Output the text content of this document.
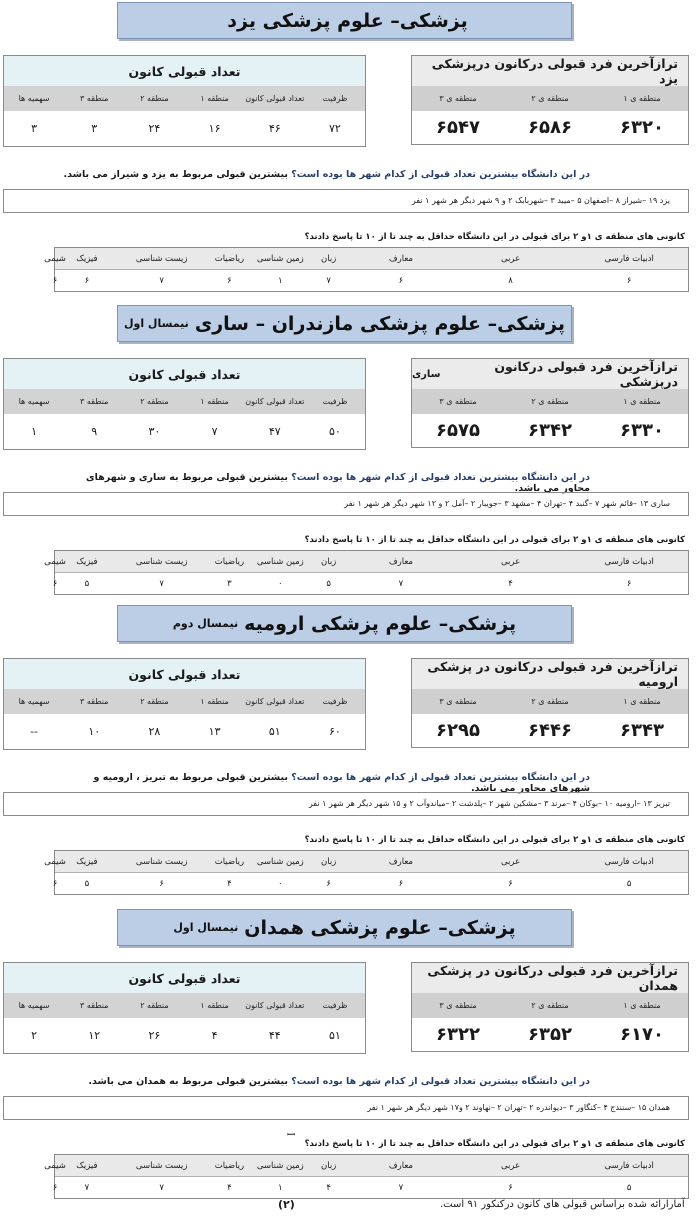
پزشکی– علوم پزشکی یزد
ترازآخرین فرد قبولی درکانون درپزشکی یزد

منطقه ی ۱
منطقه ی ۲
منطقه ی ۳
۶۳۲۰
۶۵۸۶
۶۵۴۷
تعداد قبولی کانون
ظرفیت
تعداد قبولی کانون
منطقه ۱
منطقه ۲
منطقه ۳
سهمیه ها
۷۲
۴۶
۱۶
۲۴
۳
۳
در این دانشگاه بیشترین تعداد قبولی از کدام شهر ها بوده است؟ بیشترین قبولی مربوط به یزد و شیراز می باشد.
یزد ۱۹ –شیراز ۸ –اصفهان ۵ –میبد ۳ –شهربابک ۲ و ۹ شهر دیگر هر شهر ۱ نفر
کانونی های منطقه ی ۱و ۲ برای قبولی در این دانشگاه حداقل به چند تا از ۱۰ تا پاسخ دادند؟
ادبیات فارسی
عربی
معارف
زبان
زمین شناسی
ریاضیات
زیست شناسی
فیزیک
شیمی
۶
۸
۶
۷
۱
۶
۷
۶
۶
پزشکی– علوم پزشکی مازندران – ساری
نیمسال اول
ترازآخرین فرد قبولی درکانون درپزشکی

ساری
منطقه ی ۱
منطقه ی ۲
منطقه ی ۳
۶۳۳۰
۶۳۴۲
۶۵۷۵
تعداد قبولی کانون
ظرفیت
تعداد قبولی کانون
منطقه ۱
منطقه ۲
منطقه ۳
سهمیه ها
۵۰
۴۷
۷
۳۰
۹
۱
در این دانشگاه بیشترین تعداد قبولی از کدام شهر ها بوده است؟ بیشترین قبولی مربوط به ساری و شهرهای مجاور می باشد.
ساری ۱۳ –قائم شهر ۷ –گنبد ۴ –تهران ۴ –مشهد ۳ –جویبار ۲ –آمل ۲ و ۱۲ شهر دیگر هر شهر ۱ نفر
کانونی های منطقه ی ۱و ۲ برای قبولی در این دانشگاه حداقل به چند تا از ۱۰ تا پاسخ دادند؟
ادبیات فارسی
عربی
معارف
زبان
زمین شناسی
ریاضیات
زیست شناسی
فیزیک
شیمی
۶
۴
۷
۵
۰
۳
۷
۵
۶
پزشکی– علوم پزشکی ارومیه
نیمسال دوم
ترازآخرین فرد قبولی درکانون در پزشکی ارومیه

منطقه ی ۱
منطقه ی ۲
منطقه ی ۳
۶۳۴۳
۶۴۴۶
۶۲۹۵
تعداد قبولی کانون
ظرفیت
تعداد قبولی کانون
منطقه ۱
منطقه ۲
منطقه ۳
سهمیه ها
۶۰
۵۱
۱۳
۲۸
۱۰
--
در این دانشگاه بیشترین تعداد قبولی از کدام شهر ها بوده است؟ بیشترین قبولی مربوط به تبریز ، ارومیه و شهرهای مجاور می باشد.
تبریز ۱۳ –ارومیه ۱۰ –بوکان ۴ –مرند ۳ –مشکین شهر ۲ –پلدشت ۲ –میاندوآب ۲ و ۱۵ شهر دیگر هر شهر ۱ نفر
کانونی های منطقه ی ۱و ۲ برای قبولی در این دانشگاه حداقل به چند تا از ۱۰ تا پاسخ دادند؟
ادبیات فارسی
عربی
معارف
زبان
زمین شناسی
ریاضیات
زیست شناسی
فیزیک
شیمی
۵
۶
۶
۶
۰
۴
۶
۵
۶
پزشکی– علوم پزشکی همدان
نیمسال اول
ترازآخرین فرد قبولی درکانون در پزشکی همدان

منطقه ی ۱
منطقه ی ۲
منطقه ی ۳
۶۱۷۰
۶۳۵۲
۶۳۲۲
تعداد قبولی کانون
ظرفیت
تعداد قبولی کانون
منطقه ۱
منطقه ۲
منطقه ۳
سهمیه ها
۵۱
۴۴
۴
۲۶
۱۲
۲
در این دانشگاه بیشترین تعداد قبولی از کدام شهر ها بوده است؟ بیشترین قبولی مربوط به همدان می باشد.
همدان ۱۵ –سنندج ۴ –کنگاور ۳ –دیواندره ۲ –تهران ۲ –نهاوند ۲ و۱۷ شهر دیگر هر شهر ۱ نفر
کانونی های منطقه ی ۱و ۲ برای قبولی در این دانشگاه حداقل به چند تا از ۱۰ تا پاسخ دادند؟
ادبیات فارسی
عربی
معارف
زبان
زمین شناسی
ریاضیات
زیست شناسی
فیزیک
شیمی
۵
۶
۷
۴
۱
۴
۷
۷
۶
ꟷ
آمارارائه شده براساس قبولی های کانون درکنکور ۹۱ است.
(۲)
